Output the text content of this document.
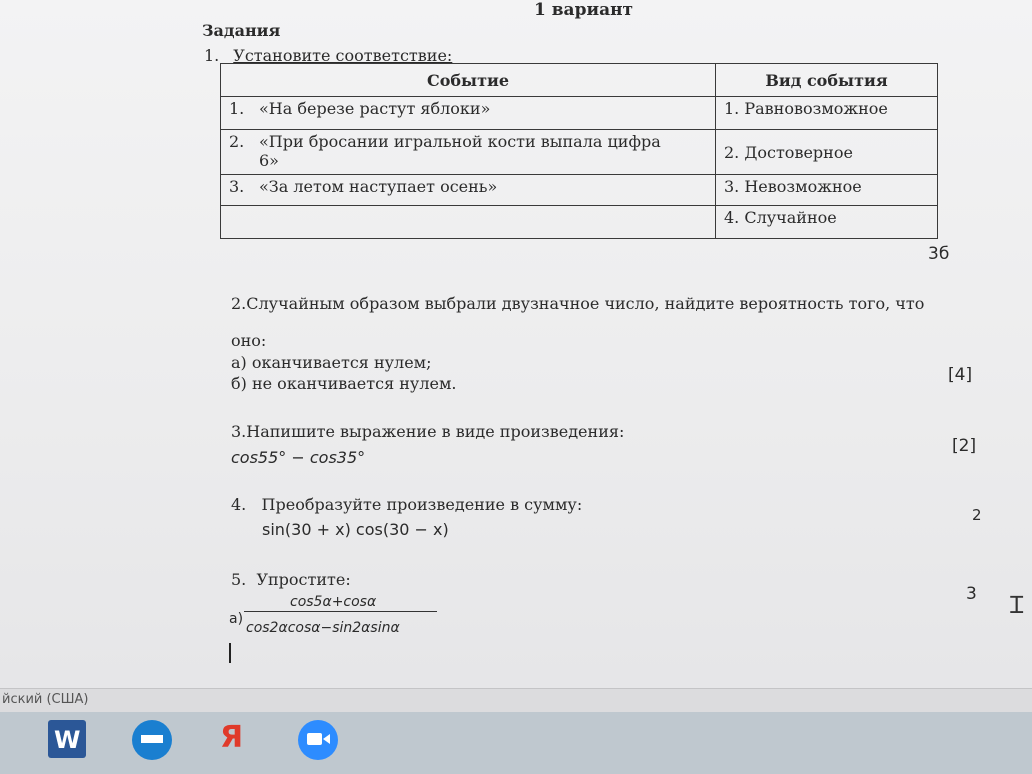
1 вариант
Задания
1. Установите соответствие:
Событие	Вид события
1. «На березе растут яблоки»	1. Равновозможное
2. «При бросании игральной кости выпала цифра
6»	2. Достоверное
3. «За летом наступает осень»	3. Невозможное
	4. Случайное
3б
2.Случайным образом выбрали двузначное число, найдите вероятность того, что
оно:
а) оканчивается нулем;
б) не оканчивается нулем.	[4]
3.Напишите выражение в виде произведения:
cos55° − cos35°
[2]
4. Преобразуйте произведение в сумму:
sin(30 + x) cos(30 − x)
2
5. Упростите:
а)
cos5α+cosα
cos2αcosα−sin2αsinα
3 Ɪ
йский (США)
W	Я
